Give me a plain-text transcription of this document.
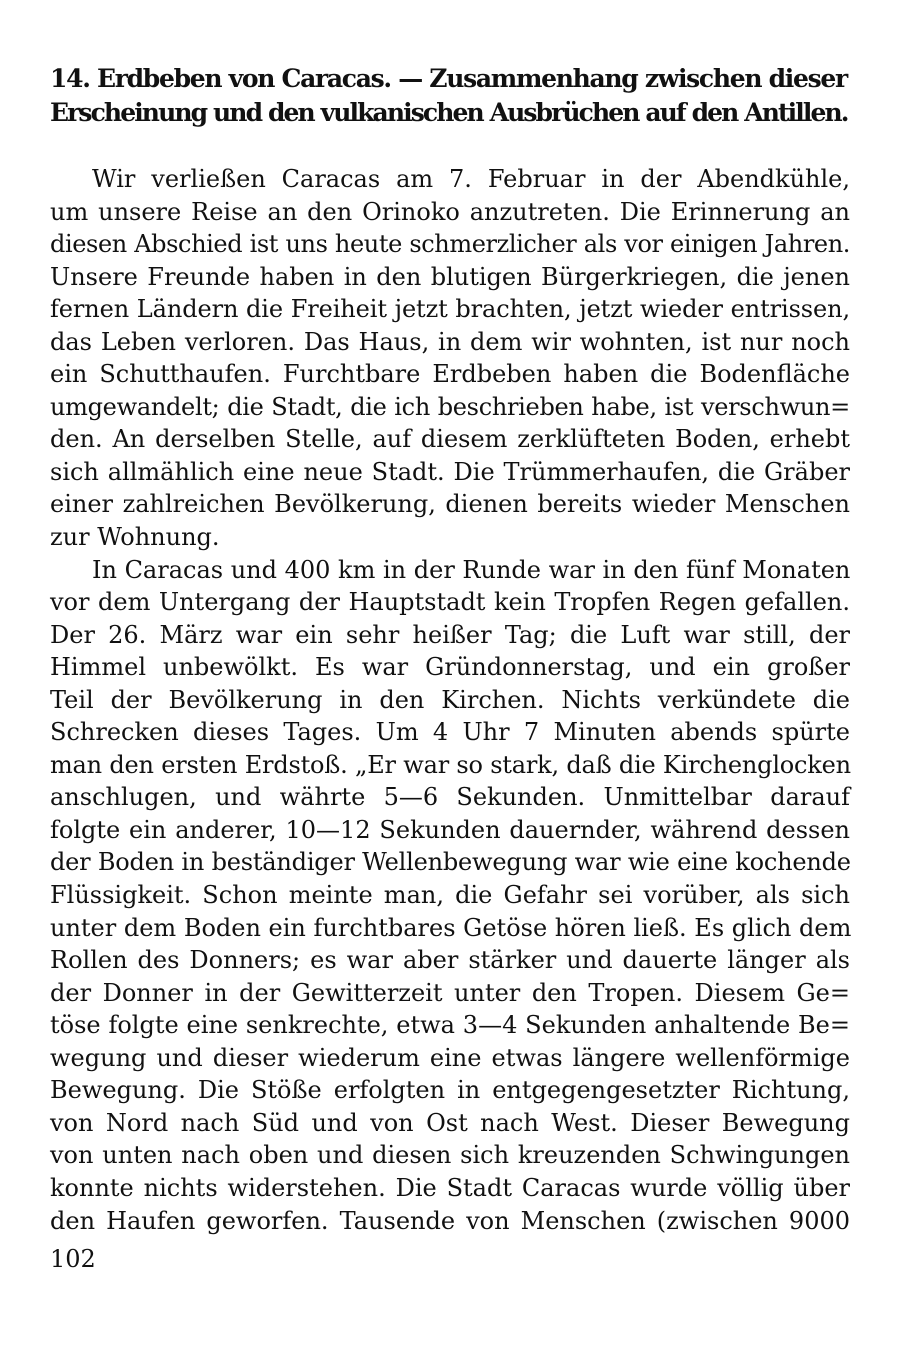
14. Erdbeben von Caracas. — Zusammenhang zwischen dieser
Erscheinung und den vulkanischen Ausbrüchen auf den Antillen.

Wir verließen Caracas am 7. Februar in der Abendkühle,
um unsere Reise an den Orinoko anzutreten. Die Erinnerung an
diesen Abschied ist uns heute schmerzlicher als vor einigen Jahren.
Unsere Freunde haben in den blutigen Bürgerkriegen, die jenen
fernen Ländern die Freiheit jetzt brachten, jetzt wieder entrissen,
das Leben verloren. Das Haus, in dem wir wohnten, ist nur noch
ein Schutthaufen. Furchtbare Erdbeben haben die Bodenfläche
umgewandelt; die Stadt, die ich beschrieben habe, ist verschwun=
den. An derselben Stelle, auf diesem zerklüfteten Boden, erhebt
sich allmählich eine neue Stadt. Die Trümmerhaufen, die Gräber
einer zahlreichen Bevölkerung, dienen bereits wieder Menschen
zur Wohnung.

In Caracas und 400 km in der Runde war in den fünf Monaten
vor dem Untergang der Hauptstadt kein Tropfen Regen gefallen.
Der 26. März war ein sehr heißer Tag; die Luft war still, der
Himmel unbewölkt. Es war Gründonnerstag, und ein großer
Teil der Bevölkerung in den Kirchen. Nichts verkündete die
Schrecken dieses Tages. Um 4 Uhr 7 Minuten abends spürte
man den ersten Erdstoß. „Er war so stark, daß die Kirchenglocken
anschlugen, und währte 5—6 Sekunden. Unmittelbar darauf
folgte ein anderer, 10—12 Sekunden dauernder, während dessen
der Boden in beständiger Wellenbewegung war wie eine kochende
Flüssigkeit. Schon meinte man, die Gefahr sei vorüber, als sich
unter dem Boden ein furchtbares Getöse hören ließ. Es glich dem
Rollen des Donners; es war aber stärker und dauerte länger als
der Donner in der Gewitterzeit unter den Tropen. Diesem Ge=
töse folgte eine senkrechte, etwa 3—4 Sekunden anhaltende Be=
wegung und dieser wiederum eine etwas längere wellenförmige
Bewegung. Die Stöße erfolgten in entgegengesetzter Richtung,
von Nord nach Süd und von Ost nach West. Dieser Bewegung
von unten nach oben und diesen sich kreuzenden Schwingungen
konnte nichts widerstehen. Die Stadt Caracas wurde völlig über
den Haufen geworfen. Tausende von Menschen (zwischen 9000

102
